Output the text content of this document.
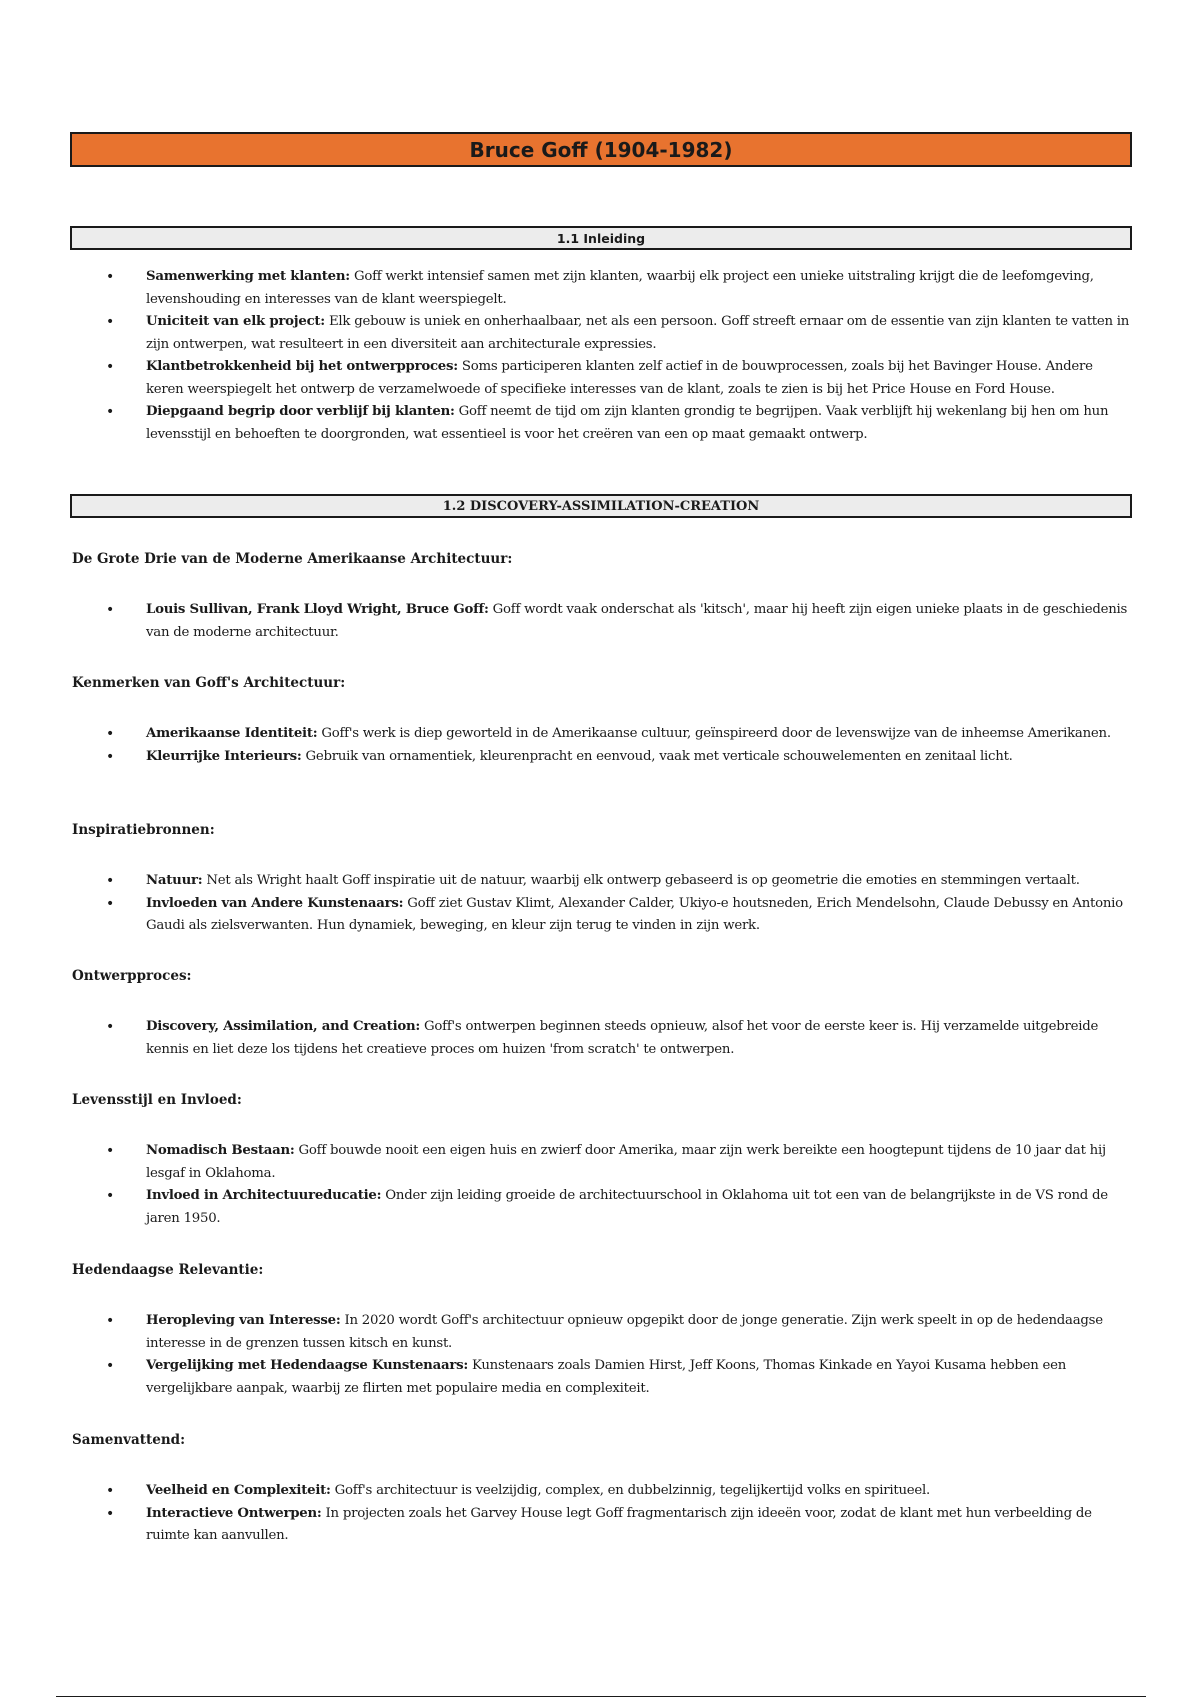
Bruce Goff (1904-1982)
1.1 Inleiding
• Samenwerking met klanten: Goff werkt intensief samen met zijn klanten, waarbij elk project een unieke uitstraling krijgt die de leefomgeving, levenshouding en interesses van de klant weerspiegelt.
• Uniciteit van elk project: Elk gebouw is uniek en onherhaalbaar, net als een persoon. Goff streeft ernaar om de essentie van zijn klanten te vatten in zijn ontwerpen, wat resulteert in een diversiteit aan architecturale expressies.
• Klantbetrokkenheid bij het ontwerpproces: Soms participeren klanten zelf actief in de bouwprocessen, zoals bij het Bavinger House. Andere keren weerspiegelt het ontwerp de verzamelwoede of specifieke interesses van de klant, zoals te zien is bij het Price House en Ford House.
• Diepgaand begrip door verblijf bij klanten: Goff neemt de tijd om zijn klanten grondig te begrijpen. Vaak verblijft hij wekenlang bij hen om hun levensstijl en behoeften te doorgronden, wat essentieel is voor het creëren van een op maat gemaakt ontwerp.
1.2 DISCOVERY-ASSIMILATION-CREATION

De Grote Drie van de Moderne Amerikaanse Architectuur:

• Louis Sullivan, Frank Lloyd Wright, Bruce Goff: Goff wordt vaak onderschat als 'kitsch', maar hij heeft zijn eigen unieke plaats in de geschiedenis van de moderne architectuur.

Kenmerken van Goff's Architectuur:

• Amerikaanse Identiteit: Goff's werk is diep geworteld in de Amerikaanse cultuur, geïnspireerd door de levenswijze van de inheemse Amerikanen.
• Kleurrijke Interieurs: Gebruik van ornamentiek, kleurenpracht en eenvoud, vaak met verticale schouwelementen en zenitaal licht.

Inspiratiebronnen:

• Natuur: Net als Wright haalt Goff inspiratie uit de natuur, waarbij elk ontwerp gebaseerd is op geometrie die emoties en stemmingen vertaalt.
• Invloeden van Andere Kunstenaars: Goff ziet Gustav Klimt, Alexander Calder, Ukiyo-e houtsneden, Erich Mendelsohn, Claude Debussy en Antonio Gaudi als zielsverwanten. Hun dynamiek, beweging, en kleur zijn terug te vinden in zijn werk.

Ontwerpproces:

• Discovery, Assimilation, and Creation: Goff's ontwerpen beginnen steeds opnieuw, alsof het voor de eerste keer is. Hij verzamelde uitgebreide kennis en liet deze los tijdens het creatieve proces om huizen 'from scratch' te ontwerpen.

Levensstijl en Invloed:

• Nomadisch Bestaan: Goff bouwde nooit een eigen huis en zwierf door Amerika, maar zijn werk bereikte een hoogtepunt tijdens de 10 jaar dat hij lesgaf in Oklahoma.
• Invloed in Architectuureducatie: Onder zijn leiding groeide de architectuurschool in Oklahoma uit tot een van de belangrijkste in de VS rond de jaren 1950.

Hedendaagse Relevantie:

• Heropleving van Interesse: In 2020 wordt Goff's architectuur opnieuw opgepikt door de jonge generatie. Zijn werk speelt in op de hedendaagse interesse in de grenzen tussen kitsch en kunst.
• Vergelijking met Hedendaagse Kunstenaars: Kunstenaars zoals Damien Hirst, Jeff Koons, Thomas Kinkade en Yayoi Kusama hebben een vergelijkbare aanpak, waarbij ze flirten met populaire media en complexiteit.

Samenvattend:

• Veelheid en Complexiteit: Goff's architectuur is veelzijdig, complex, en dubbelzinnig, tegelijkertijd volks en spiritueel.
• Interactieve Ontwerpen: In projecten zoals het Garvey House legt Goff fragmentarisch zijn ideeën voor, zodat de klant met hun verbeelding de ruimte kan aanvullen.
